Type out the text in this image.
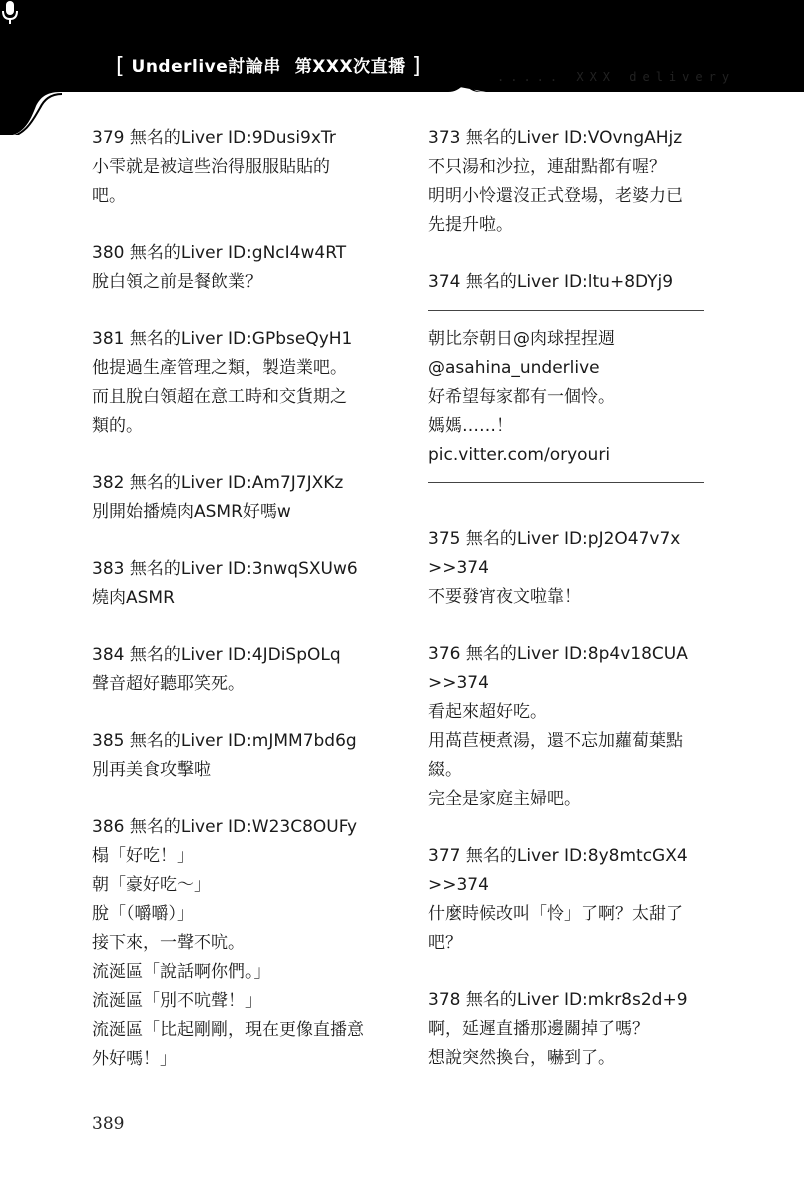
[ Underlive討論串 第XXX次直播 ]	..... XXX delivery
379 無名的Liver ID:9Dusi9xTr
小雫就是被這些治得服服貼貼的
吧。
380 無名的Liver ID:gNcI4w4RT
脫白領之前是餐飲業？
381 無名的Liver ID:GPbseQyH1
他提過生產管理之類，製造業吧。
而且脫白領超在意工時和交貨期之
類的。
382 無名的Liver ID:Am7J7JXKz
別開始播燒肉ASMR好嗎w
383 無名的Liver ID:3nwqSXUw6
燒肉ASMR
384 無名的Liver ID:4JDiSpOLq
聲音超好聽耶笑死。
385 無名的Liver ID:mJMM7bd6g
別再美食攻擊啦
386 無名的Liver ID:W23C8OUFy
榻「好吃！」
朝「豪好吃〜」
脫「（嚼嚼）」
接下來，一聲不吭。
流涎區「說話啊你們。」
流涎區「別不吭聲！」
流涎區「比起剛剛，現在更像直播意
外好嗎！」
373 無名的Liver ID:VOvngAHjz
不只湯和沙拉，連甜點都有喔？
明明小怜還沒正式登場，老婆力已
先提升啦。
374 無名的Liver ID:ltu+8DYj9
朝比奈朝日@肉球捏捏週
@asahina_underlive
好希望每家都有一個怜。
媽媽……！
pic.vitter.com/oryouri
375 無名的Liver ID:pJ2O47v7x
>>374
不要發宵夜文啦靠！
376 無名的Liver ID:8p4v18CUA
>>374
看起來超好吃。
用萵苣梗煮湯，還不忘加蘿蔔葉點
綴。
完全是家庭主婦吧。
377 無名的Liver ID:8y8mtcGX4
>>374
什麼時候改叫「怜」了啊？太甜了
吧？
378 無名的Liver ID:mkr8s2d+9
啊，延遲直播那邊關掉了嗎？
想說突然換台，嚇到了。
389
